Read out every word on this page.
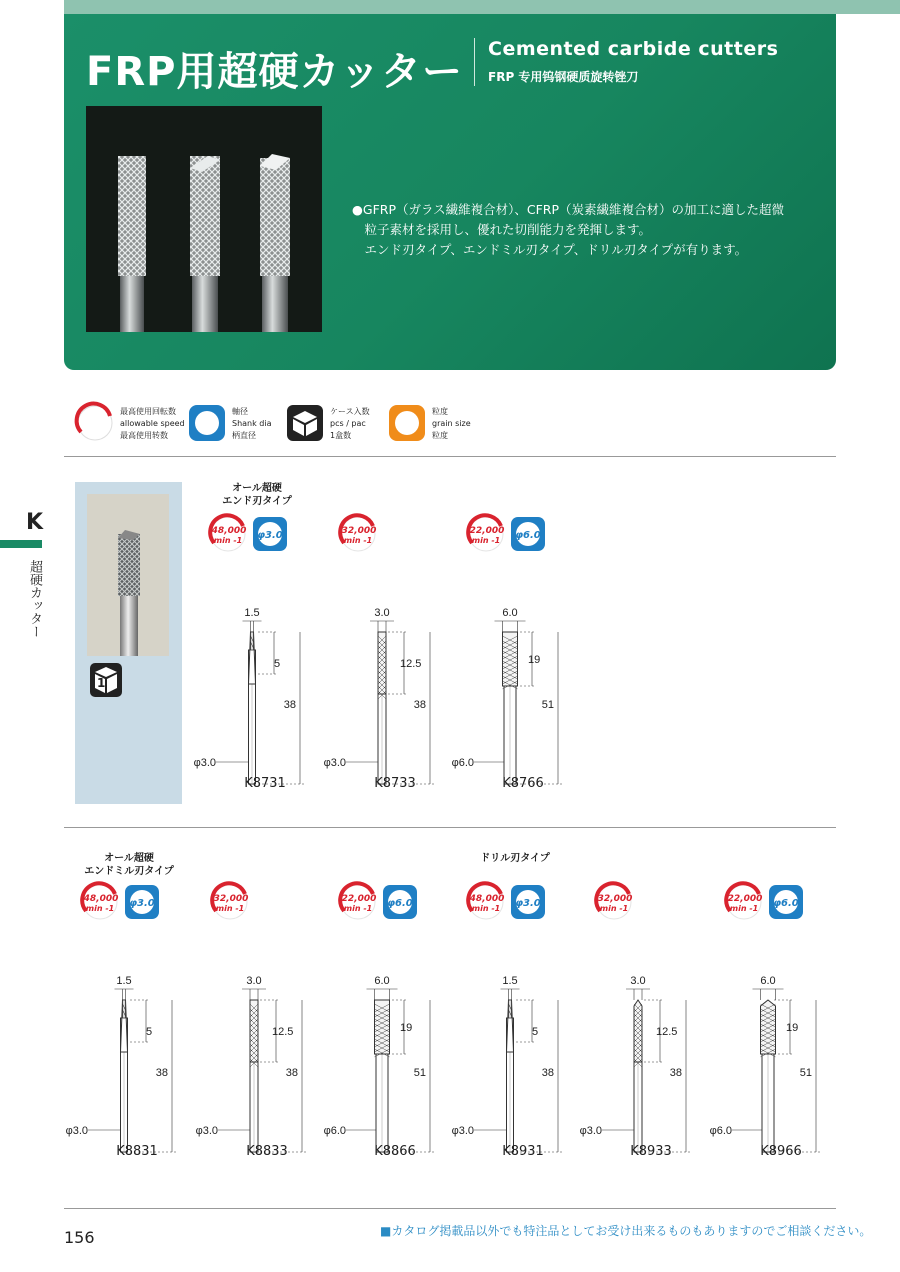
FRP用超硬カッター Cemented carbide cutters
FRP 专用钨钢硬质旋转锉刀

●GFRP（ガラス繊維複合材）、CFRP（炭素繊維複合材）の加工に適した超微

　粒子素材を採用し、優れた切削能力を発揮します。

　エンド刃タイプ、エンドミル刃タイプ、ドリル刃タイプが有ります。

最高使用回転数
allowable speed
最高使用转数
軸径
Shank dia
柄直径
ケース入数
pcs / pac
1盒数
粒度
grain size
粒度
K
超硬カッター
1
オール超硬
エンド刃タイプ
48,000
min -1 φ3.0
1.5
5
38
φ3.0
K8731
32,000
min -1
3.0
12.5
38
φ3.0
K8733
22,000
min -1 φ6.0
6.0
19
51
φ6.0
K8766
オール超硬
エンドミル刃タイプ
ドリル刃タイプ
48,000
min -1 φ3.0
1.5
5
38
φ3.0
K8831
32,000
min -1
3.0
12.5
38
φ3.0
K8833
22,000
min -1 φ6.0
6.0
19
51
φ6.0
K8866
48,000
min -1 φ3.0
1.5
5
38
φ3.0
K8931
32,000
min -1
3.0
12.5
38
φ3.0
K8933
22,000
min -1 φ6.0
6.0
19
51
φ6.0
K8966
156	■カタログ掲載品以外でも特注品としてお受け出来るものもありますのでご相談ください。
